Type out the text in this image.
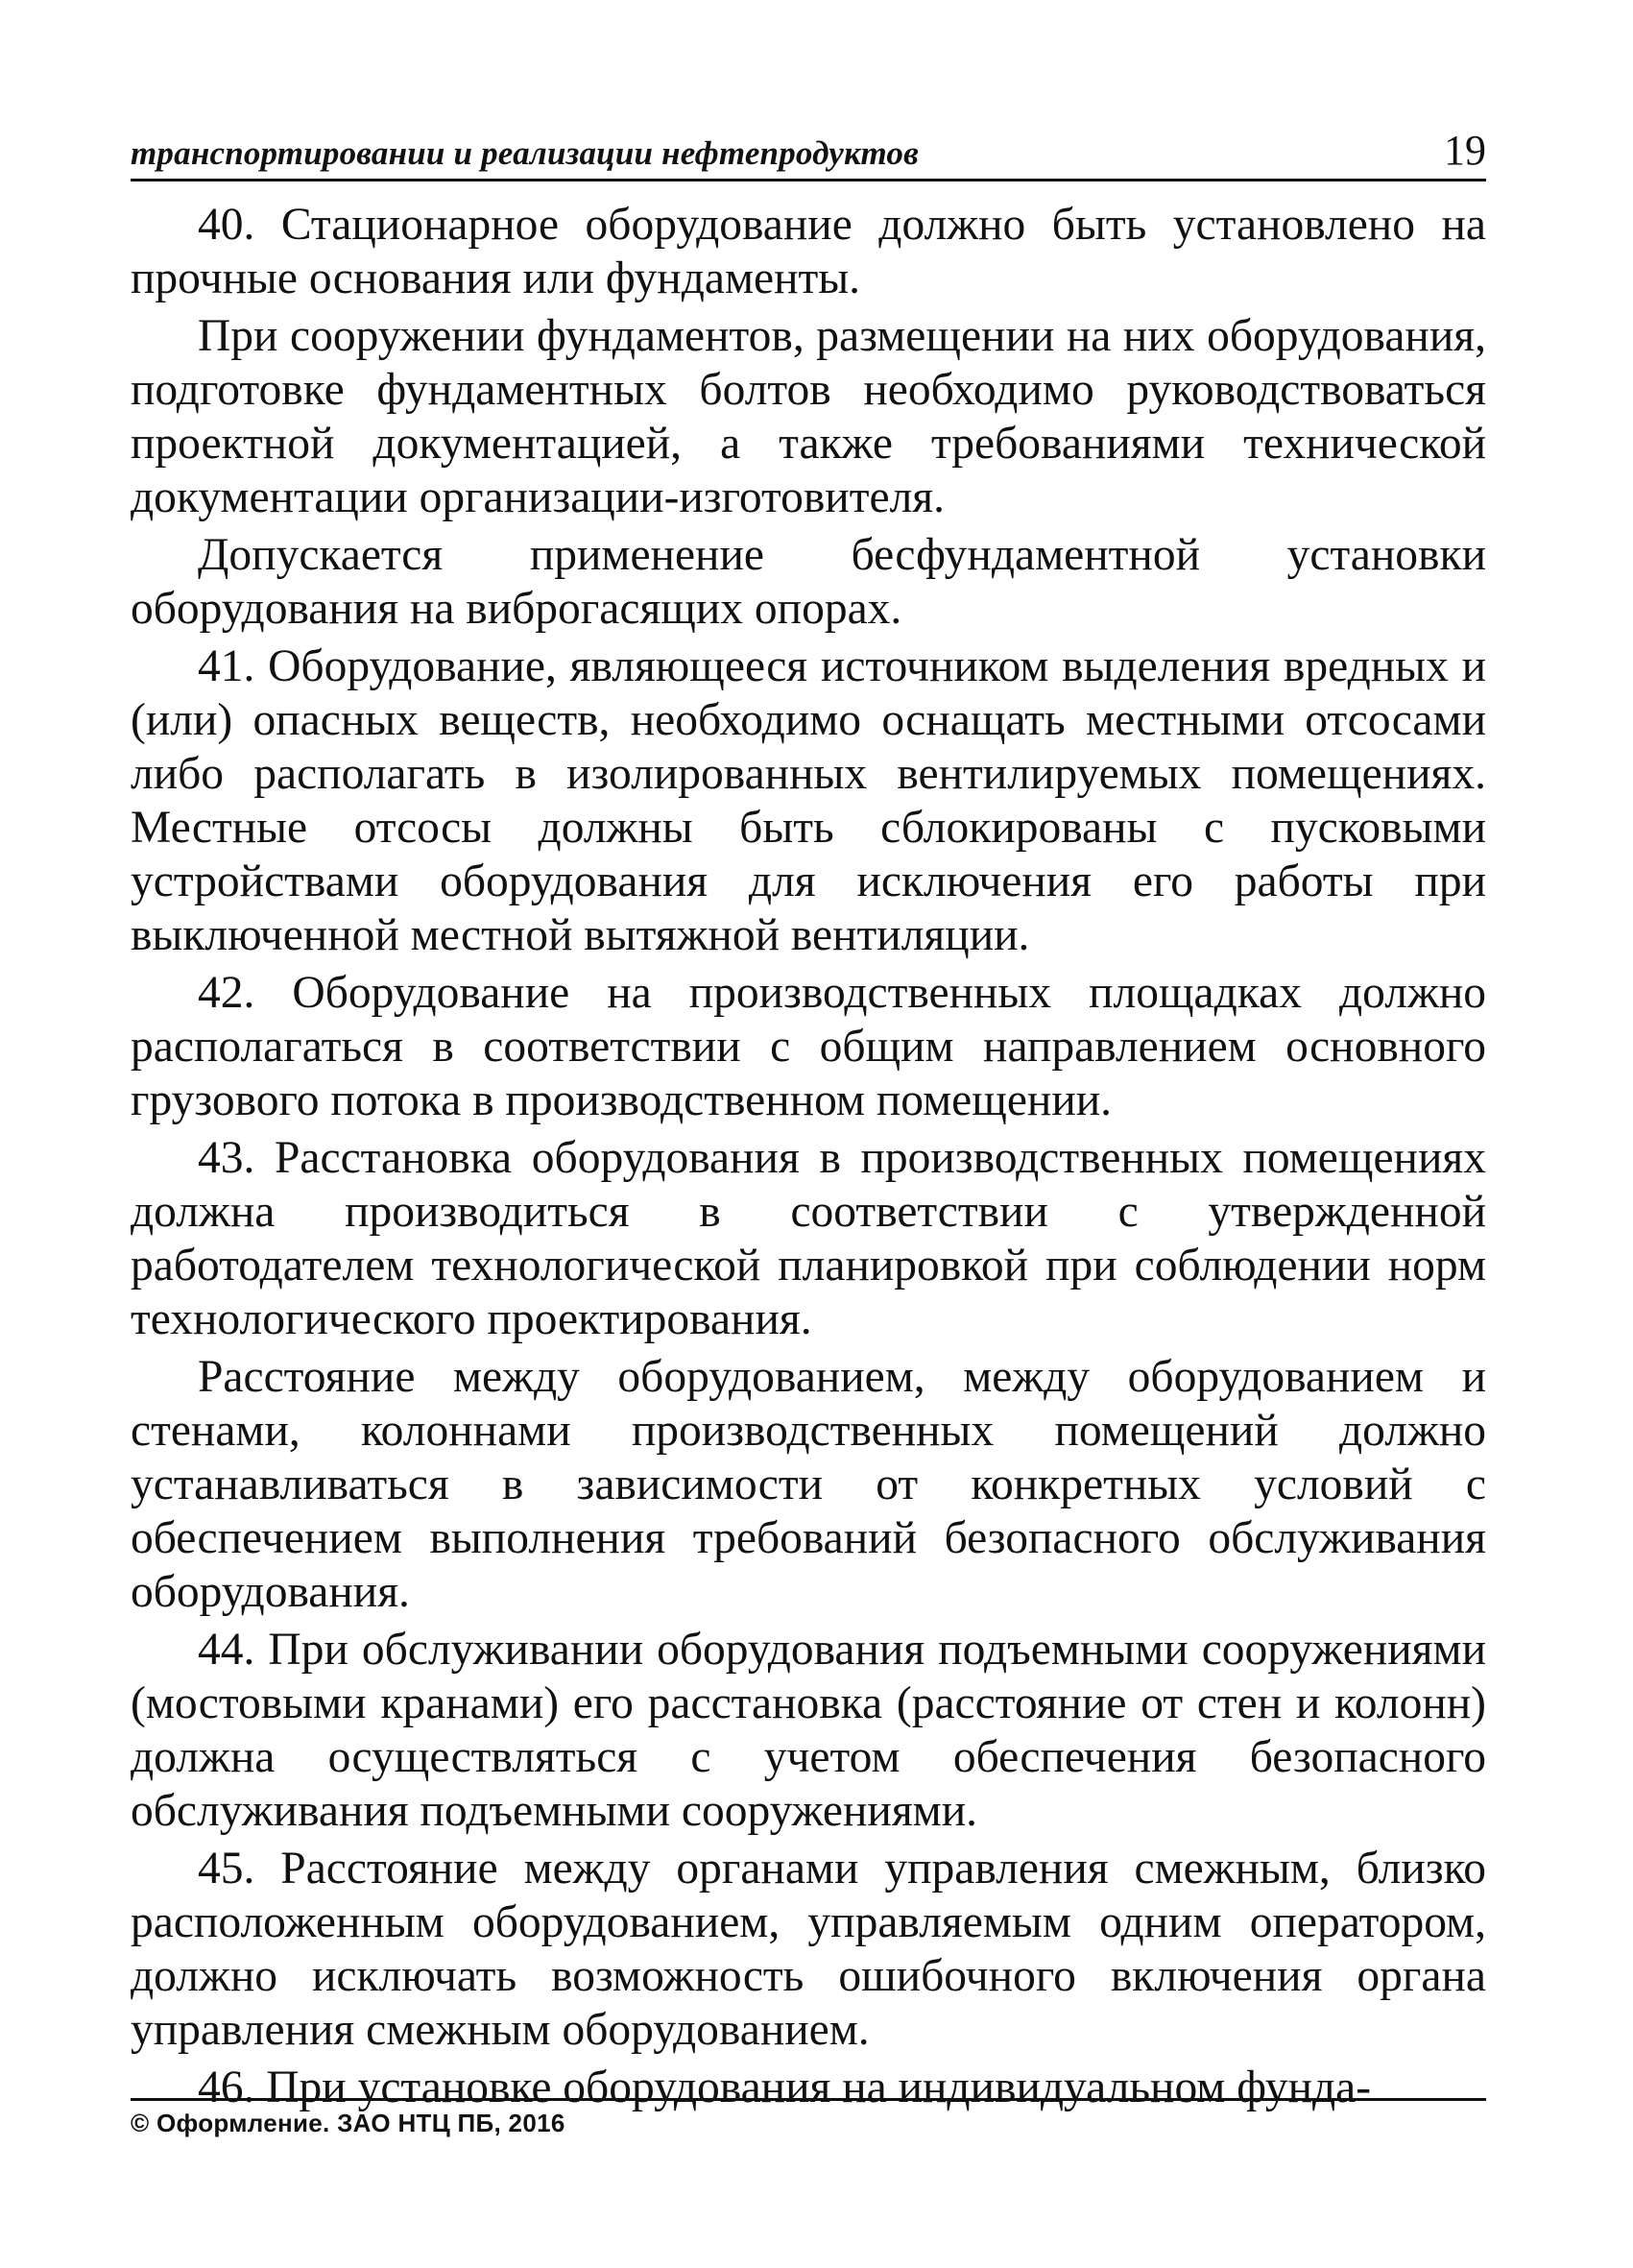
транспортировании и реализации нефтепродуктов	19

40. Стационарное оборудование должно быть установлено на прочные основания или фундаменты.

При сооружении фундаментов, размещении на них оборудования, подготовке фундаментных болтов необходимо руководствоваться проектной документацией, а также требованиями технической документации организации-изготовителя.

Допускается применение бесфундаментной установки оборудования на виброгасящих опорах.

41. Оборудование, являющееся источником выделения вредных и (или) опасных веществ, необходимо оснащать местными отсосами либо располагать в изолированных вентилируемых помещениях. Местные отсосы должны быть сблокированы с пусковыми устройствами оборудования для исключения его работы при выключенной местной вытяжной вентиляции.

42. Оборудование на производственных площадках должно располагаться в соответствии с общим направлением основного грузового потока в производственном помещении.

43. Расстановка оборудования в производственных помещениях должна производиться в соответствии с утвержденной работодателем технологической планировкой при соблюдении норм технологического проектирования.

Расстояние между оборудованием, между оборудованием и стенами, колоннами производственных помещений должно устанавливаться в зависимости от конкретных условий с обеспечением выполнения требований безопасного обслуживания оборудования.

44. При обслуживании оборудования подъемными сооружениями (мостовыми кранами) его расстановка (расстояние от стен и колонн) должна осуществляться с учетом обеспечения безопасного обслуживания подъемными сооружениями.

45. Расстояние между органами управления смежным, близко расположенным оборудованием, управляемым одним оператором, должно исключать возможность ошибочного включения органа управления смежным оборудованием.

46. При установке оборудования на индивидуальном фунда-

© Оформление. ЗАО НТЦ ПБ, 2016
